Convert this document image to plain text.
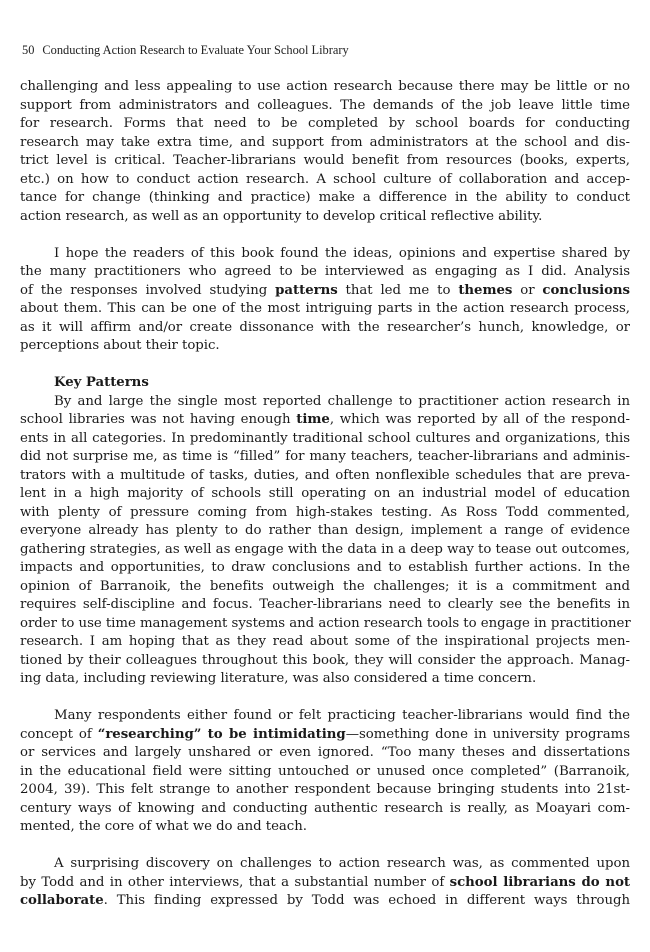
50 Conducting Action Research to Evaluate Your School Library
challenging and less appealing to use action research because there may be little or no
support from administrators and colleagues. The demands of the job leave little time
for research. Forms that need to be completed by school boards for conducting
research may take extra time, and support from administrators at the school and dis-
trict level is critical. Teacher-librarians would benefit from resources (books, experts,
etc.) on how to conduct action research. A school culture of collaboration and accep-
tance for change (thinking and practice) make a difference in the ability to conduct
action research, as well as an opportunity to develop critical reflective ability.
I hope the readers of this book found the ideas, opinions and expertise shared by
the many practitioners who agreed to be interviewed as engaging as I did. Analysis
of the responses involved studying patterns that led me to themes or conclusions
about them. This can be one of the most intriguing parts in the action research process,
as it will affirm and/or create dissonance with the researcher’s hunch, knowledge, or
perceptions about their topic.
Key Patterns
By and large the single most reported challenge to practitioner action research in
school libraries was not having enough time, which was reported by all of the respond-
ents in all categories. In predominantly traditional school cultures and organizations, this
did not surprise me, as time is “filled” for many teachers, teacher-librarians and adminis-
trators with a multitude of tasks, duties, and often nonflexible schedules that are preva-
lent in a high majority of schools still operating on an industrial model of education
with plenty of pressure coming from high-stakes testing. As Ross Todd commented,
everyone already has plenty to do rather than design, implement a range of evidence
gathering strategies, as well as engage with the data in a deep way to tease out outcomes,
impacts and opportunities, to draw conclusions and to establish further actions. In the
opinion of Barranoik, the benefits outweigh the challenges; it is a commitment and
requires self-discipline and focus. Teacher-librarians need to clearly see the benefits in
order to use time management systems and action research tools to engage in practitioner
research. I am hoping that as they read about some of the inspirational projects men-
tioned by their colleagues throughout this book, they will consider the approach. Manag-
ing data, including reviewing literature, was also considered a time concern.
Many respondents either found or felt practicing teacher-librarians would find the
concept of “researching” to be intimidating—something done in university programs
or services and largely unshared or even ignored. “Too many theses and dissertations
in the educational field were sitting untouched or unused once completed” (Barranoik,
2004, 39). This felt strange to another respondent because bringing students into 21st-
century ways of knowing and conducting authentic research is really, as Moayari com-
mented, the core of what we do and teach.
A surprising discovery on challenges to action research was, as commented upon
by Todd and in other interviews, that a substantial number of school librarians do not
collaborate. This finding expressed by Todd was echoed in different ways through
